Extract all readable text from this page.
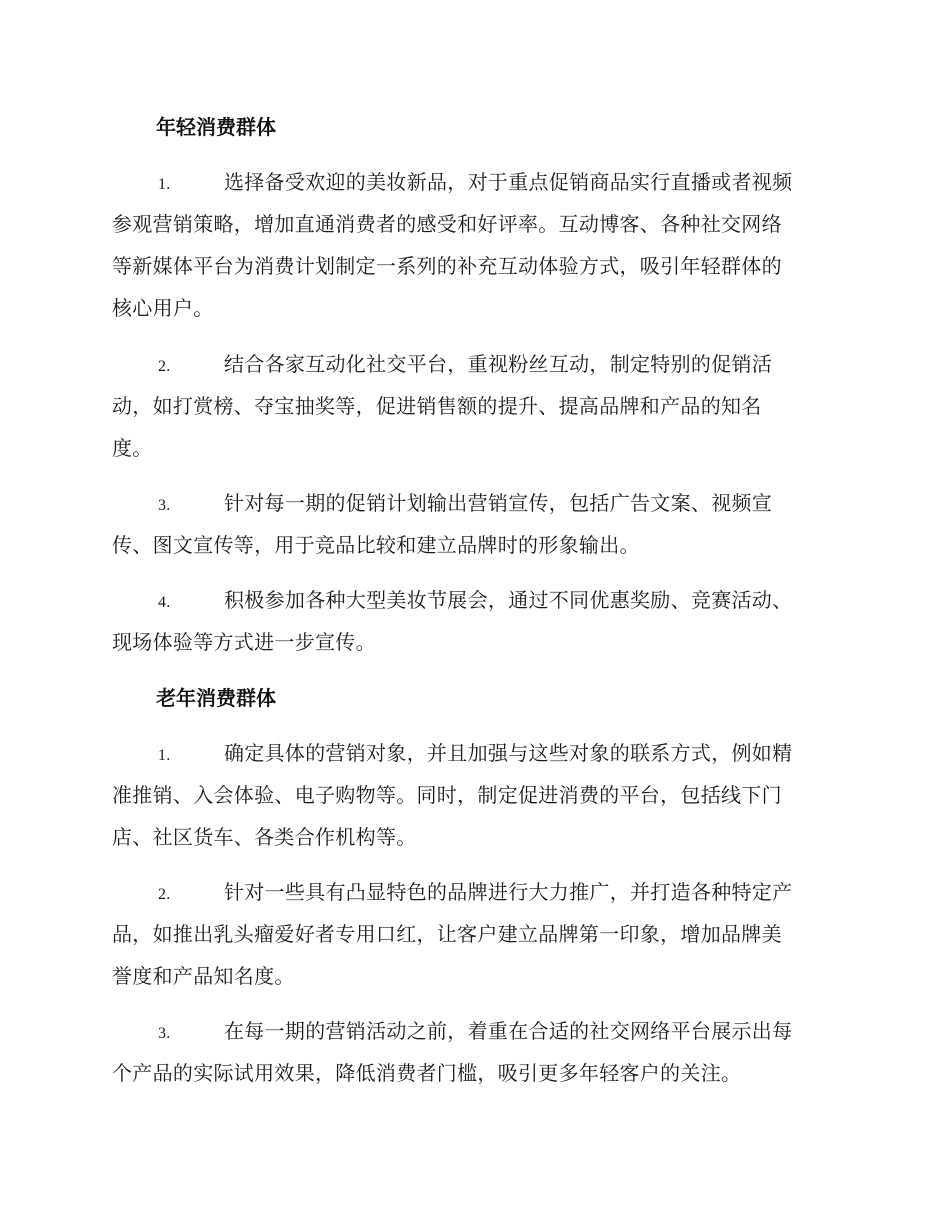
年轻消费群体
1.	选择备受欢迎的美妆新品，对于重点促销商品实行直播或者视频
参观营销策略，增加直通消费者的感受和好评率。互动博客、各种社交网络
等新媒体平台为消费计划制定一系列的补充互动体验方式，吸引年轻群体的
核心用户。
2.	结合各家互动化社交平台，重视粉丝互动，制定特别的促销活
动，如打赏榜、夺宝抽奖等，促进销售额的提升、提高品牌和产品的知名
度。
3.	针对每一期的促销计划输出营销宣传，包括广告文案、视频宣
传、图文宣传等，用于竞品比较和建立品牌时的形象输出。
4.	积极参加各种大型美妆节展会，通过不同优惠奖励、竞赛活动、
现场体验等方式进一步宣传。
老年消费群体
1.	确定具体的营销对象，并且加强与这些对象的联系方式，例如精
准推销、入会体验、电子购物等。同时，制定促进消费的平台，包括线下门
店、社区货车、各类合作机构等。
2.	针对一些具有凸显特色的品牌进行大力推广，并打造各种特定产
品，如推出乳头瘤爱好者专用口红，让客户建立品牌第一印象，增加品牌美
誉度和产品知名度。
3.	在每一期的营销活动之前，着重在合适的社交网络平台展示出每
个产品的实际试用效果，降低消费者门槛，吸引更多年轻客户的关注。
